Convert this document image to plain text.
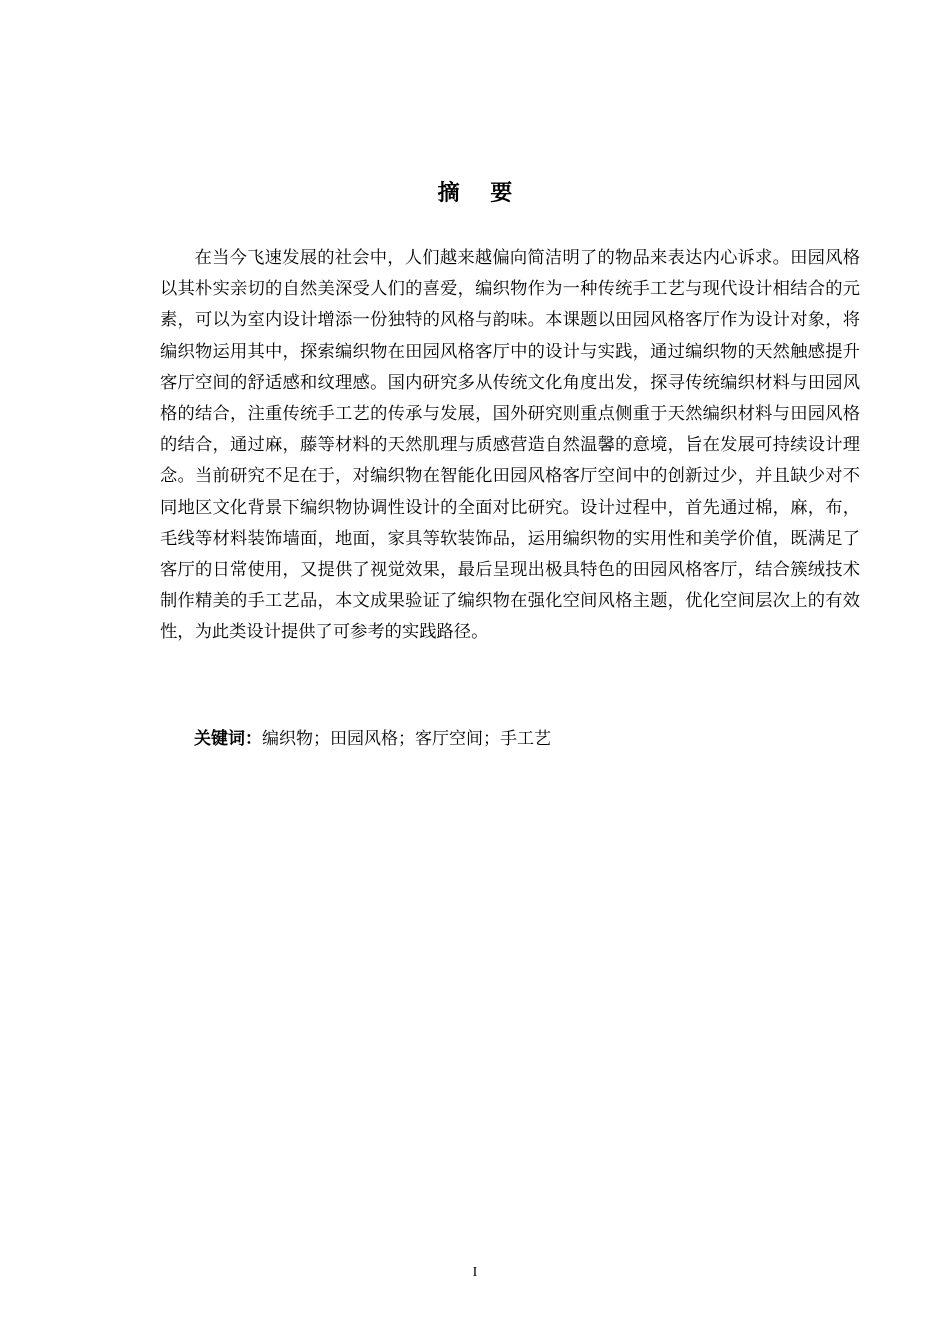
摘    要

在当今飞速发展的社会中，人们越来越偏向简洁明了的物品来表达内心诉求。田园风格以其朴实亲切的自然美深受人们的喜爱，编织物作为一种传统手工艺与现代设计相结合的元素，可以为室内设计增添一份独特的风格与韵味。本课题以田园风格客厅作为设计对象，将编织物运用其中，探索编织物在田园风格客厅中的设计与实践，通过编织物的天然触感提升客厅空间的舒适感和纹理感。国内研究多从传统文化角度出发，探寻传统编织材料与田园风格的结合，注重传统手工艺的传承与发展，国外研究则重点侧重于天然编织材料与田园风格的结合，通过麻，藤等材料的天然肌理与质感营造自然温馨的意境，旨在发展可持续设计理念。当前研究不足在于，对编织物在智能化田园风格客厅空间中的创新过少，并且缺少对不同地区文化背景下编织物协调性设计的全面对比研究。设计过程中，首先通过棉，麻，布，毛线等材料装饰墙面，地面，家具等软装饰品，运用编织物的实用性和美学价值，既满足了客厅的日常使用，又提供了视觉效果，最后呈现出极具特色的田园风格客厅，结合簇绒技术制作精美的手工艺品，本文成果验证了编织物在强化空间风格主题，优化空间层次上的有效性，为此类设计提供了可参考的实践路径。

关键词：编织物；田园风格；客厅空间；手工艺

I
